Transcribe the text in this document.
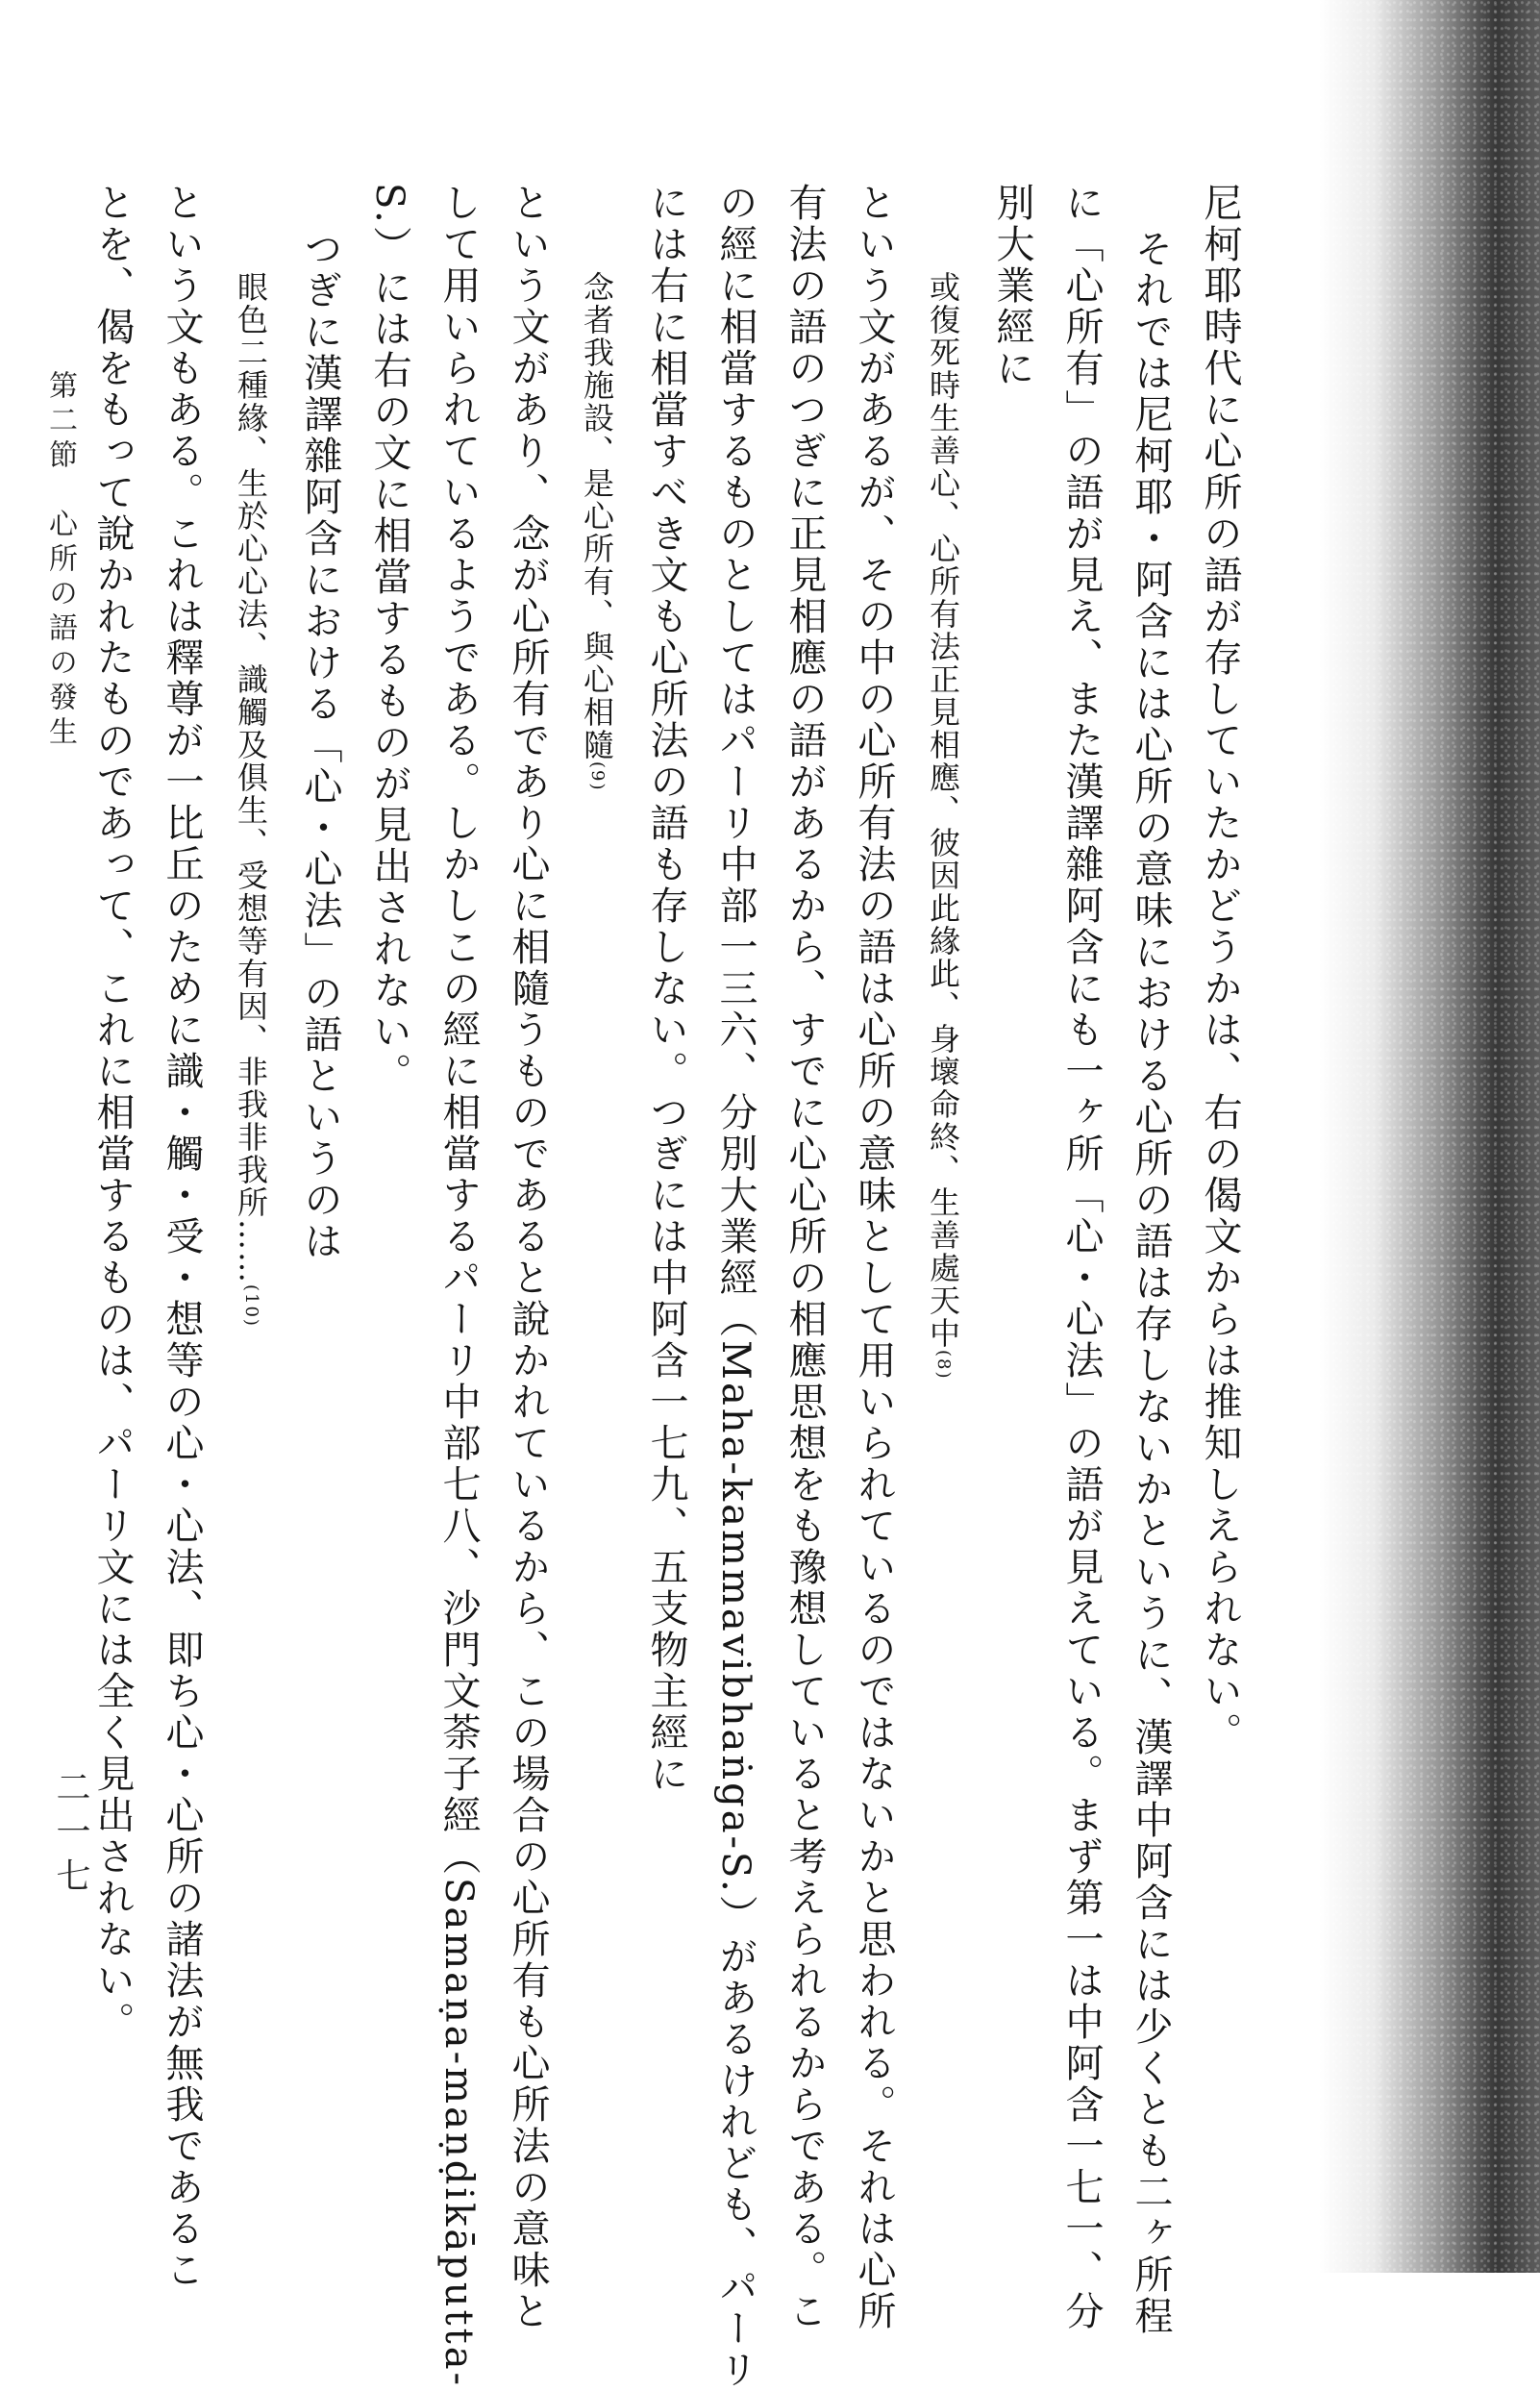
尼柯耶時代に心所の語が存していたかどうかは、右の偈文からは推知しえられない。
それでは尼柯耶・阿含には心所の意味における心所の語は存しないかというに、漢譯中阿含には少くとも二ヶ所程
に「心所有」の語が見え、また漢譯雜阿含にも一ヶ所「心・心法」の語が見えている。まず第一は中阿含一七一、分
別大業經に
或復死時生善心、心所有法正見相應、彼因此緣此、身壞命終、生善處天中(8)
という文があるが、その中の心所有法の語は心所の意味として用いられているのではないかと思われる。それは心所
有法の語のつぎに正見相應の語があるから、すでに心心所の相應思想をも豫想していると考えられるからである。こ
の經に相當するものとしてはパーリ中部一三六、分別大業經（Maha-kammavibhaṅga-S.）があるけれども、パーリ
には右に相當すべき文も心所法の語も存しない。つぎには中阿含一七九、五支物主經に
念者我施設、是心所有、與心相隨(9)
という文があり、念が心所有であり心に相隨うものであると說かれているから、この場合の心所有も心所法の意味と
して用いられているようである。しかしこの經に相當するパーリ中部七八、沙門文荼子經（Samaṇa-maṇḍikāputta-
S.）には右の文に相當するものが見出されない。
つぎに漢譯雜阿含における「心・心法」の語というのは
眼色二種緣、生於心心法、識觸及俱生、受想等有因、非我非我所……(10)
という文もある。これは釋尊が一比丘のために識・觸・受・想等の心・心法、即ち心・心所の諸法が無我であるこ
とを、偈をもって說かれたものであって、これに相當するものは、パーリ文には全く見出されない。
第二節　心所の語の發生
二一七
